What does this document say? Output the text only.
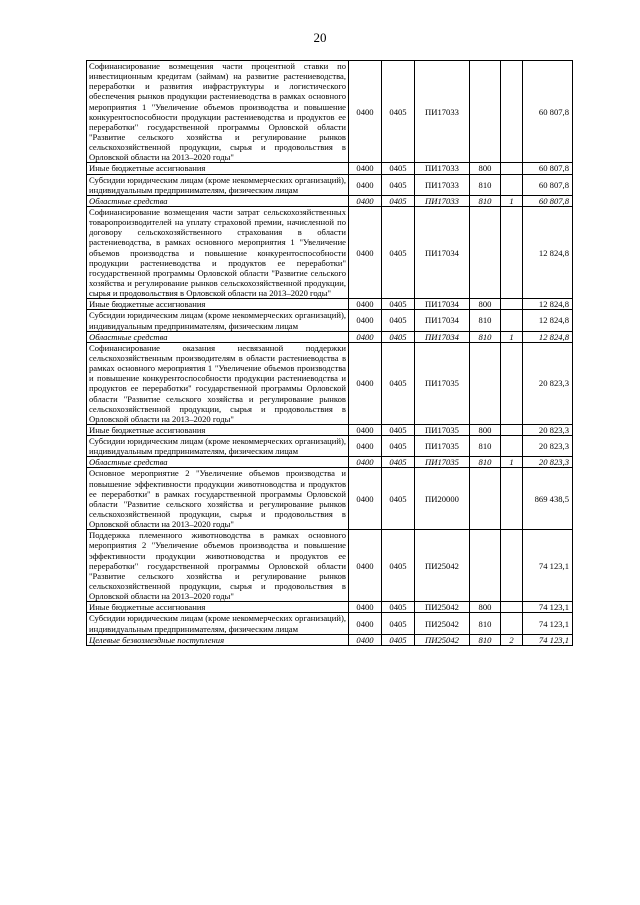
20
Софинансирование возмещения части процентной ставки по инвестиционным кредитам (займам) на развитие растениеводства, переработки и развития инфраструктуры и логистического обеспечения рынков продукции растениеводства в рамках основного мероприятия 1 "Увеличение объемов производства и повышение конкурентоспособности продукции растениеводства и продуктов ее переработки" государственной программы Орловской области "Развитие сельского хозяйства и регулирование рынков сельскохозяйственной продукции, сырья и продовольствия в Орловской области на 2013–2020 годы"	0400	0405	ПИ17033			60 807,8
Иные бюджетные ассигнования	0400	0405	ПИ17033	800		60 807,8
Субсидии юридическим лицам (кроме некоммерческих организаций), индивидуальным предпринимателям, физическим лицам	0400	0405	ПИ17033	810		60 807,8
Областные средства	0400	0405	ПИ17033	810	1	60 807,8
Софинансирование возмещения части затрат сельскохозяйственных товаропроизводителей на уплату страховой премии, начисленной по договору сельскохозяйственного страхования в области растениеводства, в рамках основного мероприятия 1 "Увеличение объемов производства и повышение конкурентоспособности продукции растениеводства и продуктов ее переработки" государственной программы Орловской области "Развитие сельского хозяйства и регулирование рынков сельскохозяйственной продукции, сырья и продовольствия в Орловской области на 2013–2020 годы"	0400	0405	ПИ17034			12 824,8
Иные бюджетные ассигнования	0400	0405	ПИ17034	800		12 824,8
Субсидии юридическим лицам (кроме некоммерческих организаций), индивидуальным предпринимателям, физическим лицам	0400	0405	ПИ17034	810		12 824,8
Областные средства	0400	0405	ПИ17034	810	1	12 824,8
Софинансирование оказания несвязанной поддержки сельскохозяйственным производителям в области растениеводства в рамках основного мероприятия 1 "Увеличение объемов производства и повышение конкурентоспособности продукции растениеводства и продуктов ее переработки" государственной программы Орловской области "Развитие сельского хозяйства и регулирование рынков сельскохозяйственной продукции, сырья и продовольствия в Орловской области на 2013–2020 годы"	0400	0405	ПИ17035			20 823,3
Иные бюджетные ассигнования	0400	0405	ПИ17035	800		20 823,3
Субсидии юридическим лицам (кроме некоммерческих организаций), индивидуальным предпринимателям, физическим лицам	0400	0405	ПИ17035	810		20 823,3
Областные средства	0400	0405	ПИ17035	810	1	20 823,3
Основное мероприятие 2 "Увеличение объемов производства и повышение эффективности продукции животноводства и продуктов ее переработки" в рамках государственной программы Орловской области "Развитие сельского хозяйства и регулирование рынков сельскохозяйственной продукции, сырья и продовольствия в Орловской области на 2013–2020 годы"	0400	0405	ПИ20000			869 438,5
Поддержка племенного животноводства в рамках основного мероприятия 2 "Увеличение объемов производства и повышение эффективности продукции животноводства и продуктов ее переработки" государственной программы Орловской области "Развитие сельского хозяйства и регулирование рынков сельскохозяйственной продукции, сырья и продовольствия в Орловской области на 2013–2020 годы"	0400	0405	ПИ25042			74 123,1
Иные бюджетные ассигнования	0400	0405	ПИ25042	800		74 123,1
Субсидии юридическим лицам (кроме некоммерческих организаций), индивидуальным предпринимателям, физическим лицам	0400	0405	ПИ25042	810		74 123,1
Целевые безвозмездные поступления	0400	0405	ПИ25042	810	2	74 123,1
